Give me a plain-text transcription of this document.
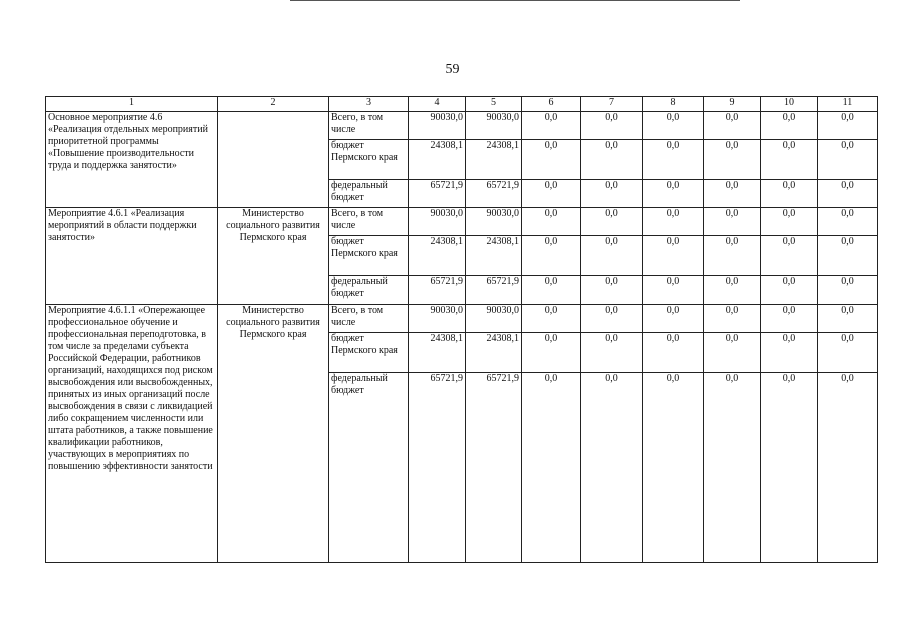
59
1	2	3	4	5	6	7	8	9	10	11
Основное мероприятие 4.6 «Реализация отдельных мероприятий приоритетной программы «Повышение производительности труда и поддержка занятости»		Всего, в том числе	90030,0	90030,0	0,0	0,0	0,0	0,0	0,0	0,0
		бюджет Пермского края	24308,1	24308,1	0,0	0,0	0,0	0,0	0,0	0,0
		федеральный бюджет	65721,9	65721,9	0,0	0,0	0,0	0,0	0,0	0,0
Мероприятие 4.6.1 «Реализация мероприятий в области поддержки занятости»	Министерство социального развития Пермского края	Всего, в том числе	90030,0	90030,0	0,0	0,0	0,0	0,0	0,0	0,0
		бюджет Пермского края	24308,1	24308,1	0,0	0,0	0,0	0,0	0,0	0,0
		федеральный бюджет	65721,9	65721,9	0,0	0,0	0,0	0,0	0,0	0,0
Мероприятие 4.6.1.1 «Опережающее профессиональное обучение и профессиональная переподготовка, в том числе за пределами субъекта Российской Федерации, работников организаций, находящихся под риском высвобождения или высвобожденных, принятых из иных организаций после высвобождения в связи с ликвидацией либо сокращением численности или штата работников, а также повышение квалификации работников, участвующих в мероприятиях по повышению эффективности занятости	Министерство социального развития Пермского края	Всего, в том числе	90030,0	90030,0	0,0	0,0	0,0	0,0	0,0	0,0
		бюджет Пермского края	24308,1	24308,1	0,0	0,0	0,0	0,0	0,0	0,0
		федеральный бюджет	65721,9	65721,9	0,0	0,0	0,0	0,0	0,0	0,0
